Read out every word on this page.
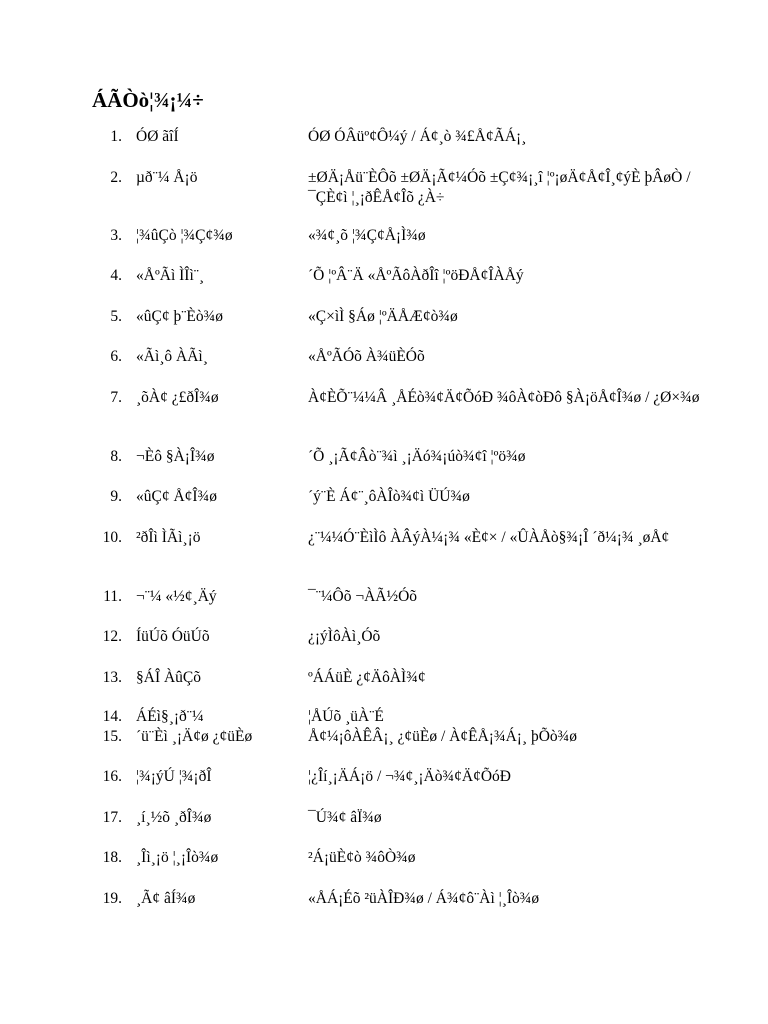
ÁÃÒò¦¾¡¼÷
1. ÓØ ãîÍ	ÓØ ÓÂüº¢Ô¼ý / Á¢¸ò ¾£Å¢ÃÁ¡¸
2. µð¨¼ Å¡ö	±ØÄ¡Åü¨ÈÔõ ±ØÄ¡Ã¢¼Óõ ±Ç¢¾¡¸î ¦º¡øÄ¢Å¢Î¸¢ýÈ þÂøÒ / ¯ÇÈ¢ì ¦¸¡ðÊÅ¢Îõ ¿À÷
3. ¦¾ûÇò ¦¾Ç¢¾ø	«¾¢¸õ ¦¾Ç¢Å¡Ì¾ø
4. «ÅºÃì ÌÎì¨¸	´Õ ¦ºÂ¨Ä «ÅºÃôÀðÎî ¦ºöÐÅ¢ÎÀÅý
5. «ûÇ¢ þ¨Èò¾ø	«Ç×ìÌ §Áø ¦ºÄÅÆ¢ò¾ø
6. «Ãì¸ô ÀÃì¸	«ÅºÃÓõ À¾üÈÓõ
7. ¸õÀ¢ ¿£ðÎ¾ø	À¢ÈÕ¨¼¼Â ¸ÅÉò¾¢Ä¢ÕóÐ ¾ôÀ¢òÐô §À¡öÅ¢Î¾ø / ¿Ø×¾ø
8. ¬Èô §À¡Î¾ø	´Õ ¸¡Ã¢Âò¨¾ì ¸¡Äó¾¡úò¾¢î ¦ºö¾ø
9. «ûÇ¢ Å¢Î¾ø	´ý¨È Á¢¨¸ôÀÎò¾¢ì ÜÚ¾ø
10. ²ðÎì ÌÃì¸¡ö	¿¨¼¼Ó¨ÈìÌô ÀÂýÀ¼¡¾ «È¢× / «ÛÀÅò§¾¡Î ´ð¼¡¾ ¸øÅ¢
11. ¬¨¼ «½¢¸Äý	¯¨¼Ôõ ¬ÀÃ½Óõ
12. ÍüÚõ ÓüÚõ	¿¡ýÌôÀì¸Óõ
13. §ÁÎ ÀûÇõ	ºÁÁüÈ ¿¢ÄôÀÌ¾¢
14. ÁÉì§¸¡ð¨¼	¦ÅÚõ ¸üÀ¨É
15. ´ü¨Èì ¸¡Ä¢ø ¿¢üÈø	Å¢¼¡ôÀÊÂ¡¸ ¿¢üÈø / À¢ÊÅ¡¾Á¡¸ þÕò¾ø
16. ¦¾¡ýÚ ¦¾¡ðÎ	¦¿Îí¸¡ÄÁ¡ö / ¬¾¢¸¡Äò¾¢Ä¢ÕóÐ
17. ¸í¸½õ ¸ðÎ¾ø	¯Ú¾¢ âÏ¾ø
18. ¸Îì¸¡ö ¦¸¡Îò¾ø	²Á¡üÈ¢ò ¾ôÒ¾ø
19. ¸Ã¢ âÍ¾ø	«ÅÁ¡Éõ ²üÀÎÐ¾ø / Á¾¢ô¨Àì ¦¸Îò¾ø
